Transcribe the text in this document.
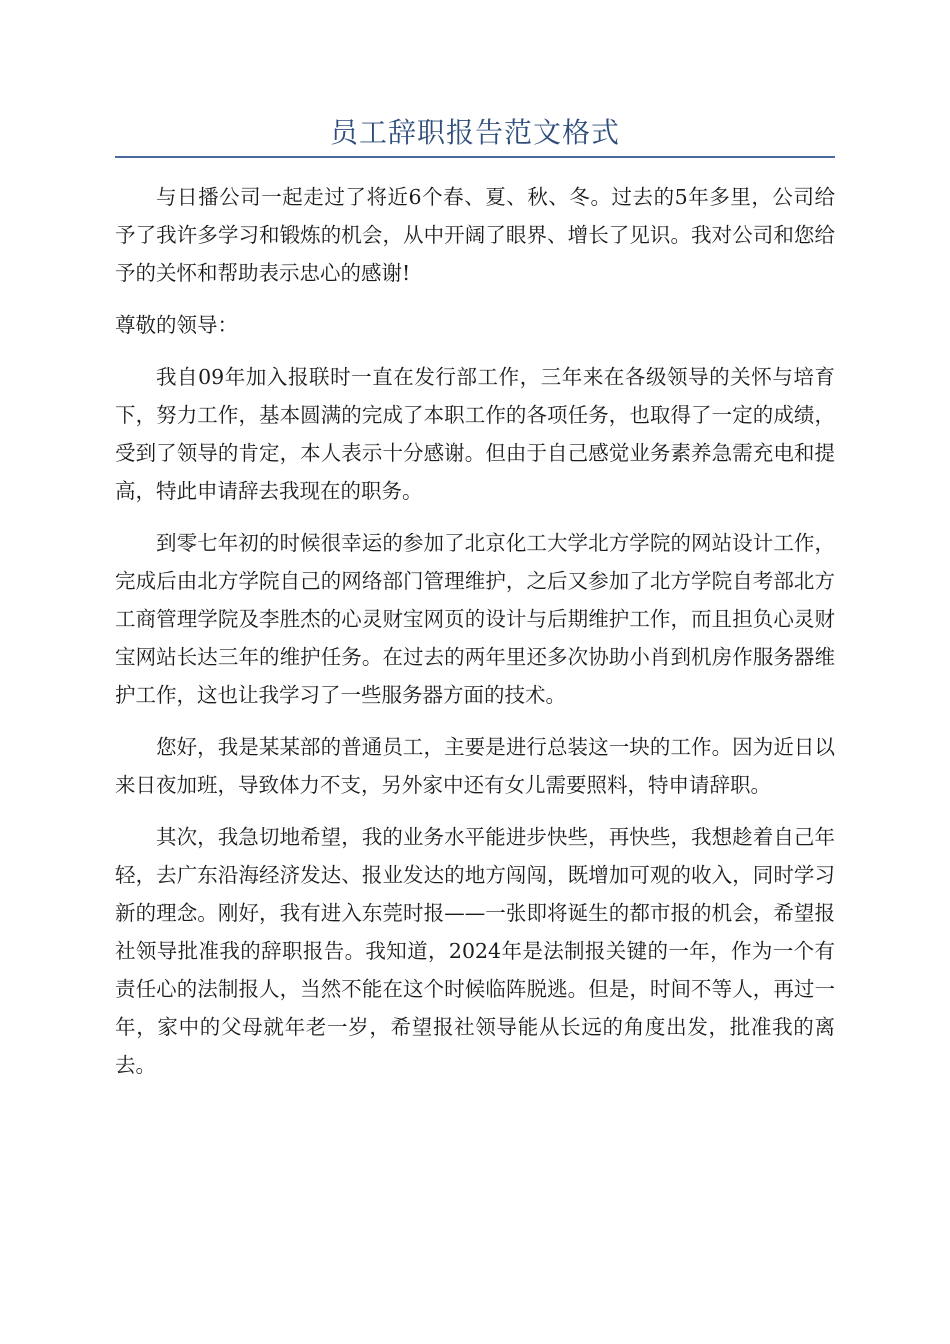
员工辞职报告范文格式

与日播公司一起走过了将近6个春、夏、秋、冬。过去的5年多里，公司给予了我许多学习和锻炼的机会，从中开阔了眼界、增长了见识。我对公司和您给予的关怀和帮助表示忠心的感谢!

尊敬的领导：

我自09年加入报联时一直在发行部工作，三年来在各级领导的关怀与培育下，努力工作，基本圆满的完成了本职工作的各项任务，也取得了一定的成绩，受到了领导的肯定，本人表示十分感谢。但由于自己感觉业务素养急需充电和提高，特此申请辞去我现在的职务。

到零七年初的时候很幸运的参加了北京化工大学北方学院的网站设计工作，完成后由北方学院自己的网络部门管理维护，之后又参加了北方学院自考部北方工商管理学院及李胜杰的心灵财宝网页的设计与后期维护工作，而且担负心灵财宝网站长达三年的维护任务。在过去的两年里还多次协助小肖到机房作服务器维护工作，这也让我学习了一些服务器方面的技术。

您好，我是某某部的普通员工，主要是进行总装这一块的工作。因为近日以来日夜加班，导致体力不支，另外家中还有女儿需要照料，特申请辞职。

其次，我急切地希望，我的业务水平能进步快些，再快些，我想趁着自己年轻，去广东沿海经济发达、报业发达的地方闯闯，既增加可观的收入，同时学习新的理念。刚好，我有进入东莞时报——一张即将诞生的都市报的机会，希望报社领导批准我的辞职报告。我知道，2024年是法制报关键的一年，作为一个有责任心的法制报人，当然不能在这个时候临阵脱逃。但是，时间不等人，再过一年，家中的父母就年老一岁，希望报社领导能从长远的角度出发，批准我的离去。
